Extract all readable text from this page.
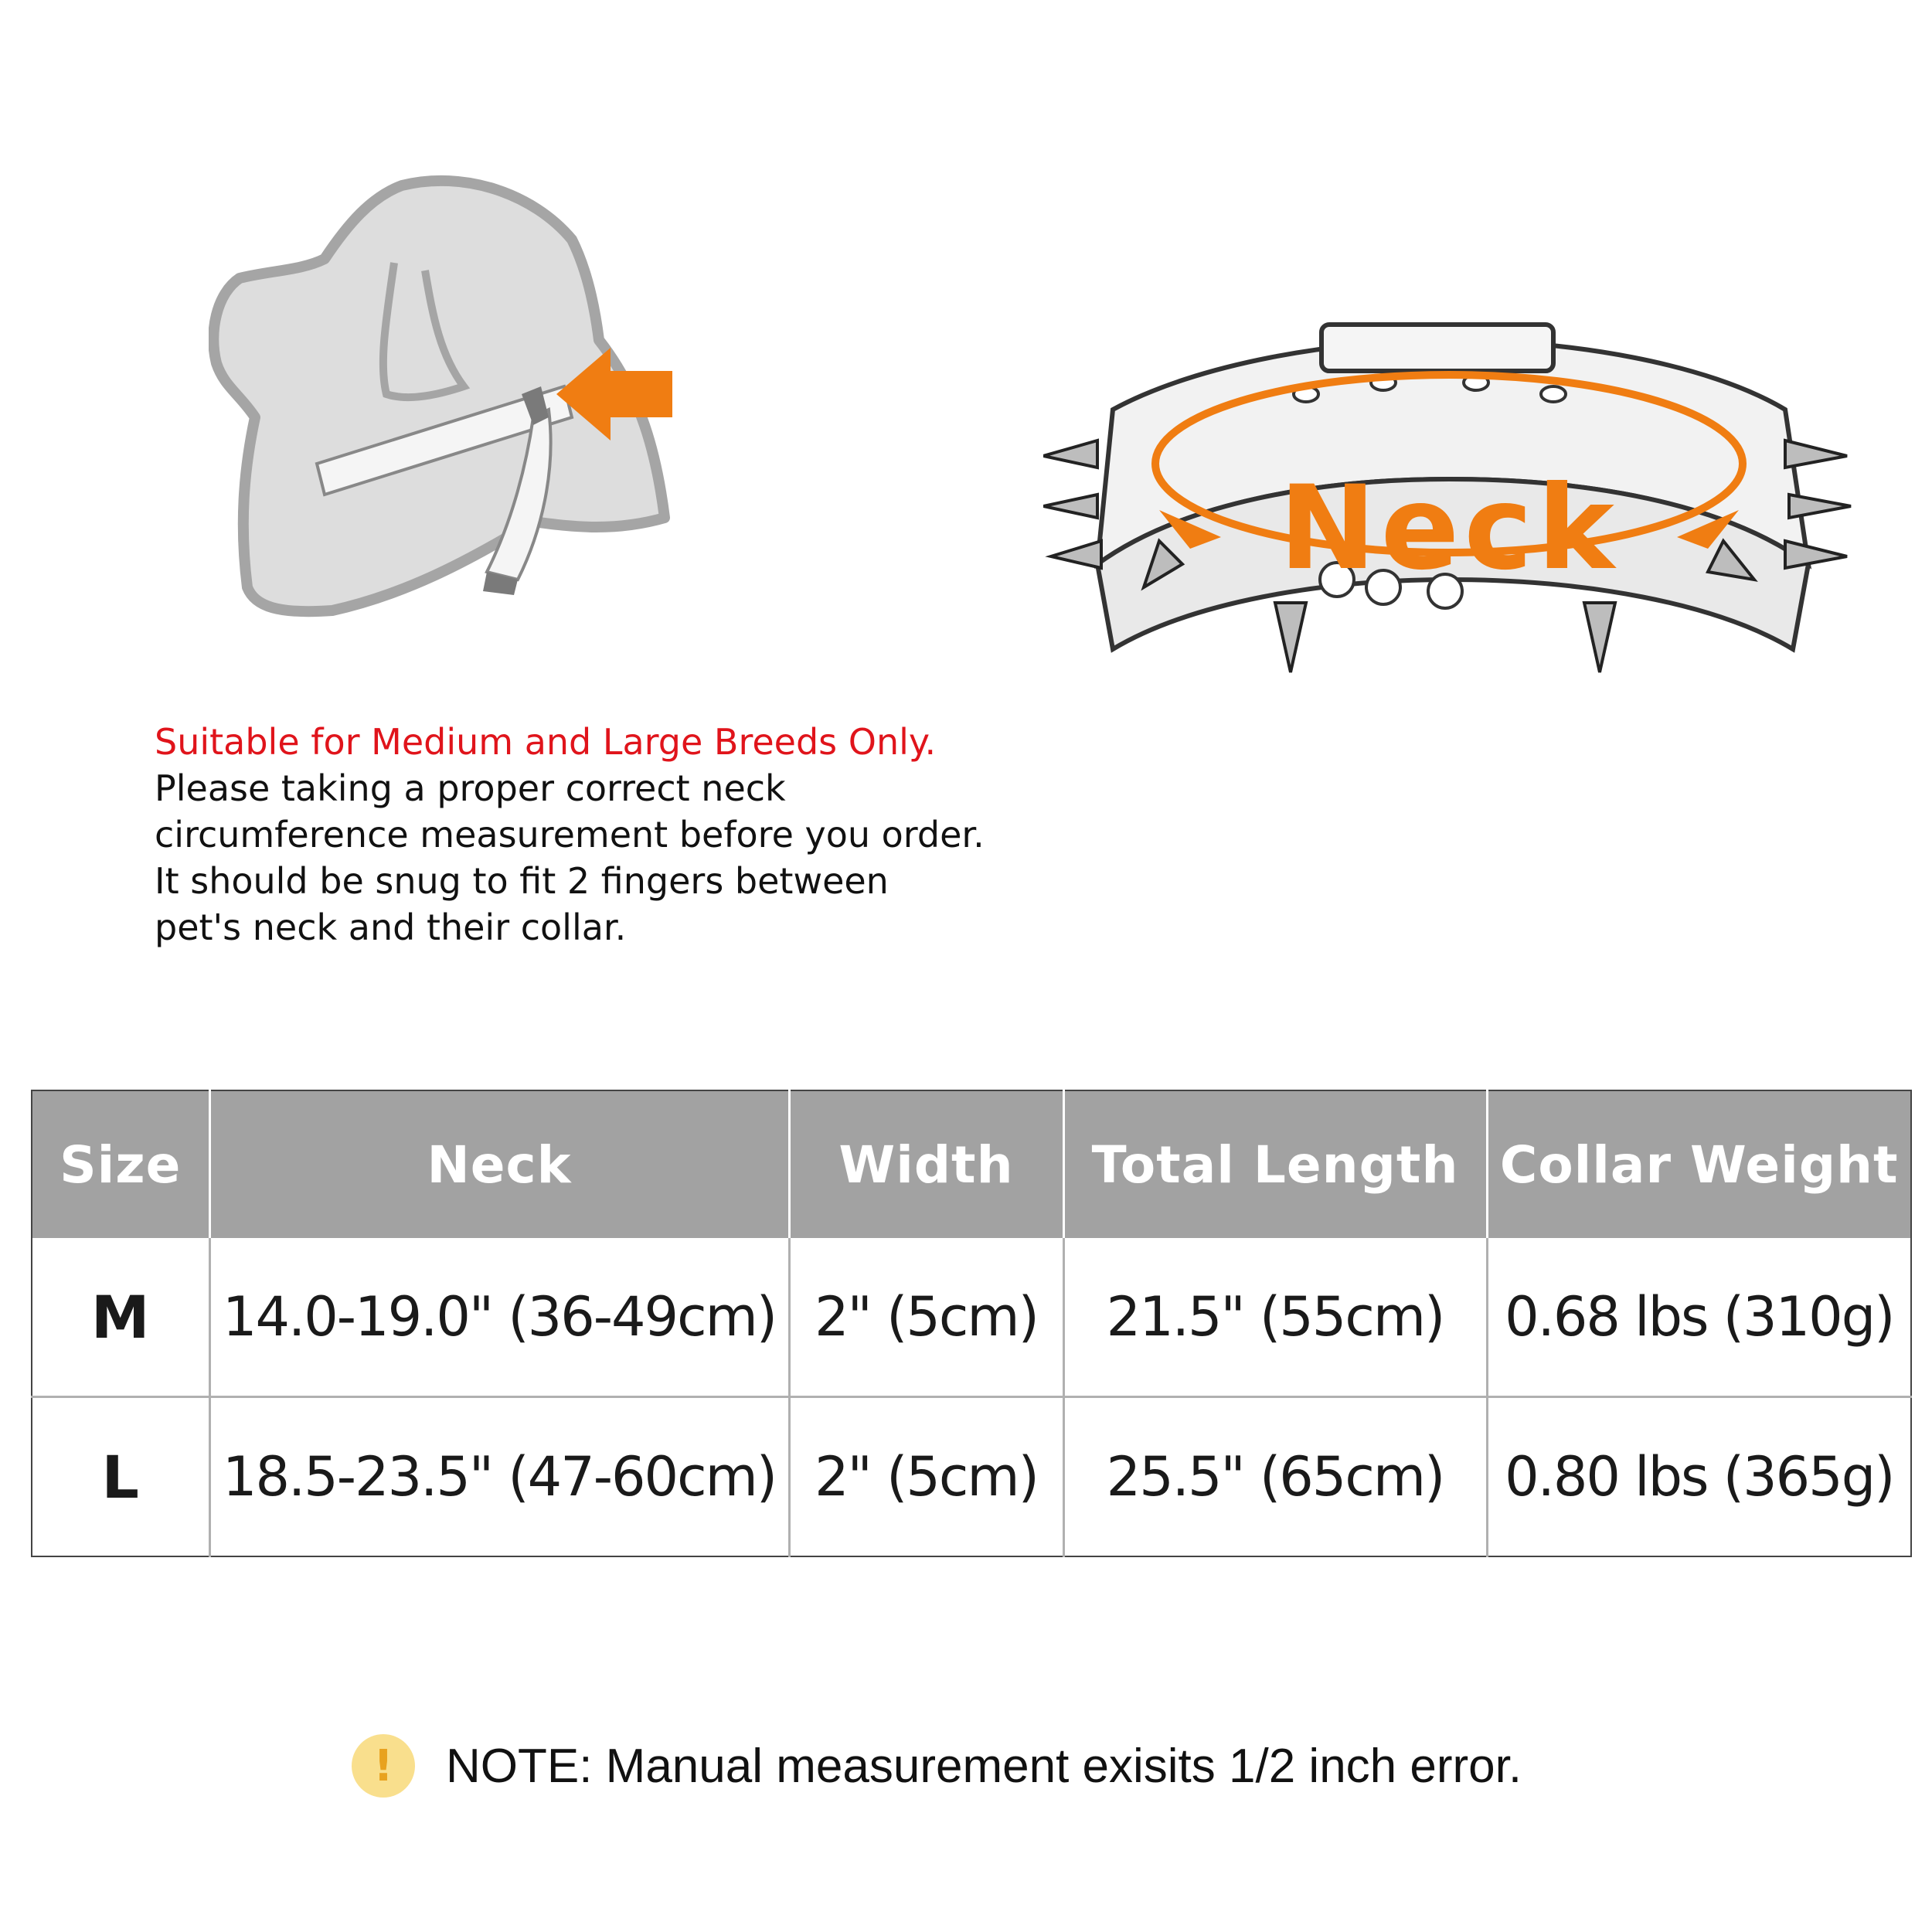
Suitable for Medium and Large Breeds Only.
Please taking a proper correct neck
circumference measurement before you order.
It should be snug to fit 2 fingers between
pet's neck and their collar.
Neck
Size	Neck	Width	Total Length	Collar Weight
M	14.0-19.0" (36-49cm)	2" (5cm)	21.5" (55cm)	0.68 lbs (310g)
L	18.5-23.5" (47-60cm)	2" (5cm)	25.5" (65cm)	0.80 lbs (365g)
!	NOTE: Manual measurement exisits 1/2 inch error.
